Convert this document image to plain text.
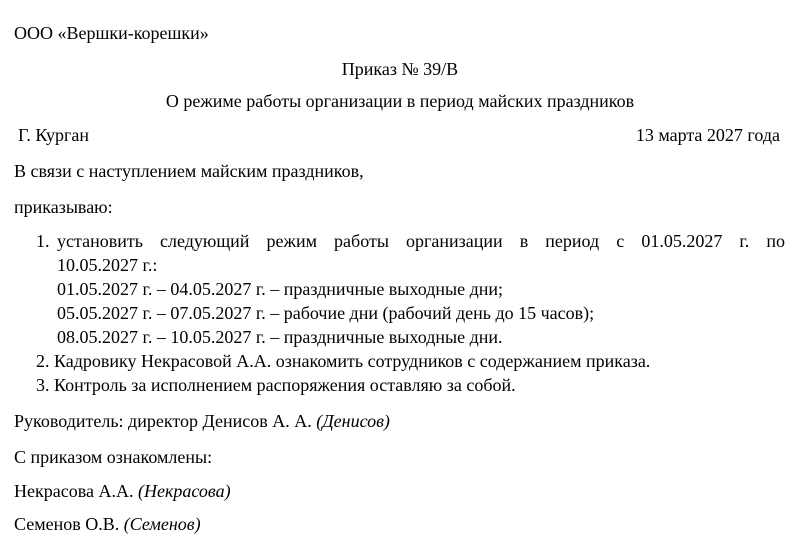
ООО «Вершки-корешки»
Приказ № 39/В
О режиме работы организации в период майских праздников
Г. Курган	13 марта 2027 года
В связи с наступлением майским праздников,
приказываю:
1. установить следующий режим работы организации в период с 01.05.2027 г. по
10.05.2027 г.:
01.05.2027 г. – 04.05.2027 г. – праздничные выходные дни;
05.05.2027 г. – 07.05.2027 г. – рабочие дни (рабочий день до 15 часов);
08.05.2027 г. – 10.05.2027 г. – праздничные выходные дни.
2. Кадровику Некрасовой А.А. ознакомить сотрудников с содержанием приказа.
3. Контроль за исполнением распоряжения оставляю за собой.
Руководитель: директор Денисов А. А. (Денисов)
С приказом ознакомлены:
Некрасова А.А. (Некрасова)
Семенов О.В. (Семенов)
